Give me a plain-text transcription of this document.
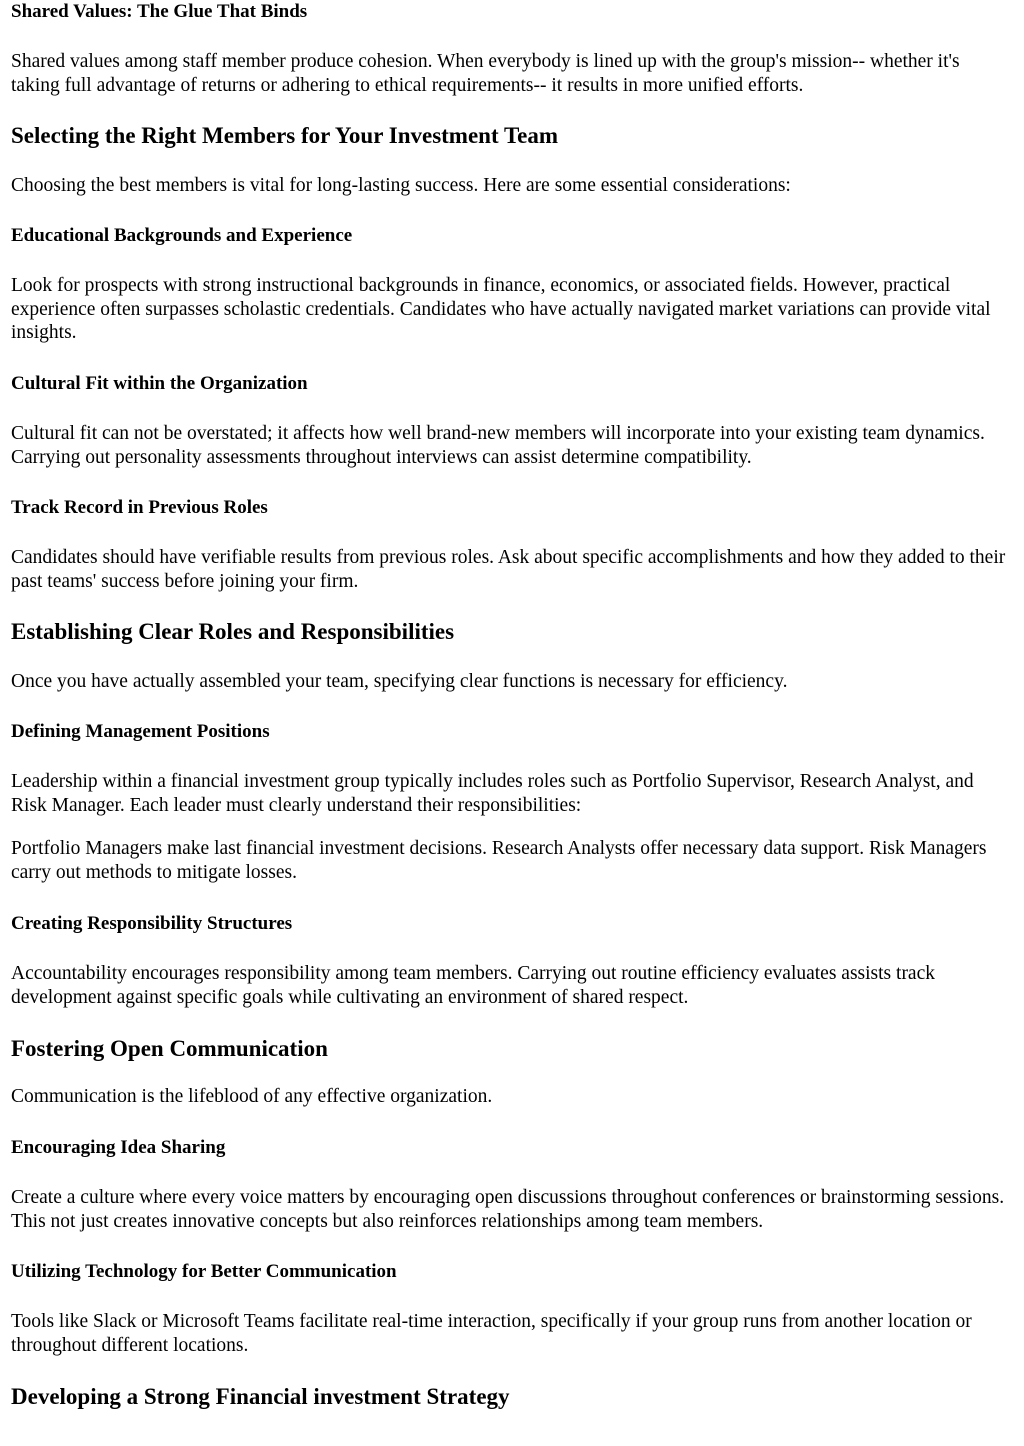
Shared Values: The Glue That Binds
Shared values among staff member produce cohesion. When everybody is lined up with the group's mission-- whether it's taking full advantage of returns or adhering to ethical requirements-- it results in more unified efforts.
Selecting the Right Members for Your Investment Team
Choosing the best members is vital for long-lasting success. Here are some essential considerations:
Educational Backgrounds and Experience
Look for prospects with strong instructional backgrounds in finance, economics, or associated fields. However, practical experience often surpasses scholastic credentials. Candidates who have actually navigated market variations can provide vital insights.
Cultural Fit within the Organization
Cultural fit can not be overstated; it affects how well brand-new members will incorporate into your existing team dynamics. Carrying out personality assessments throughout interviews can assist determine compatibility.
Track Record in Previous Roles
Candidates should have verifiable results from previous roles. Ask about specific accomplishments and how they added to their past teams' success before joining your firm.
Establishing Clear Roles and Responsibilities
Once you have actually assembled your team, specifying clear functions is necessary for efficiency.
Defining Management Positions
Leadership within a financial investment group typically includes roles such as Portfolio Supervisor, Research Analyst, and Risk Manager. Each leader must clearly understand their responsibilities:
Portfolio Managers make last financial investment decisions. Research Analysts offer necessary data support. Risk Managers carry out methods to mitigate losses.
Creating Responsibility Structures
Accountability encourages responsibility among team members. Carrying out routine efficiency evaluates assists track development against specific goals while cultivating an environment of shared respect.
Fostering Open Communication
Communication is the lifeblood of any effective organization.
Encouraging Idea Sharing
Create a culture where every voice matters by encouraging open discussions throughout conferences or brainstorming sessions. This not just creates innovative concepts but also reinforces relationships among team members.
Utilizing Technology for Better Communication
Tools like Slack or Microsoft Teams facilitate real-time interaction, specifically if your group runs from another location or throughout different locations.
Developing a Strong Financial investment Strategy
